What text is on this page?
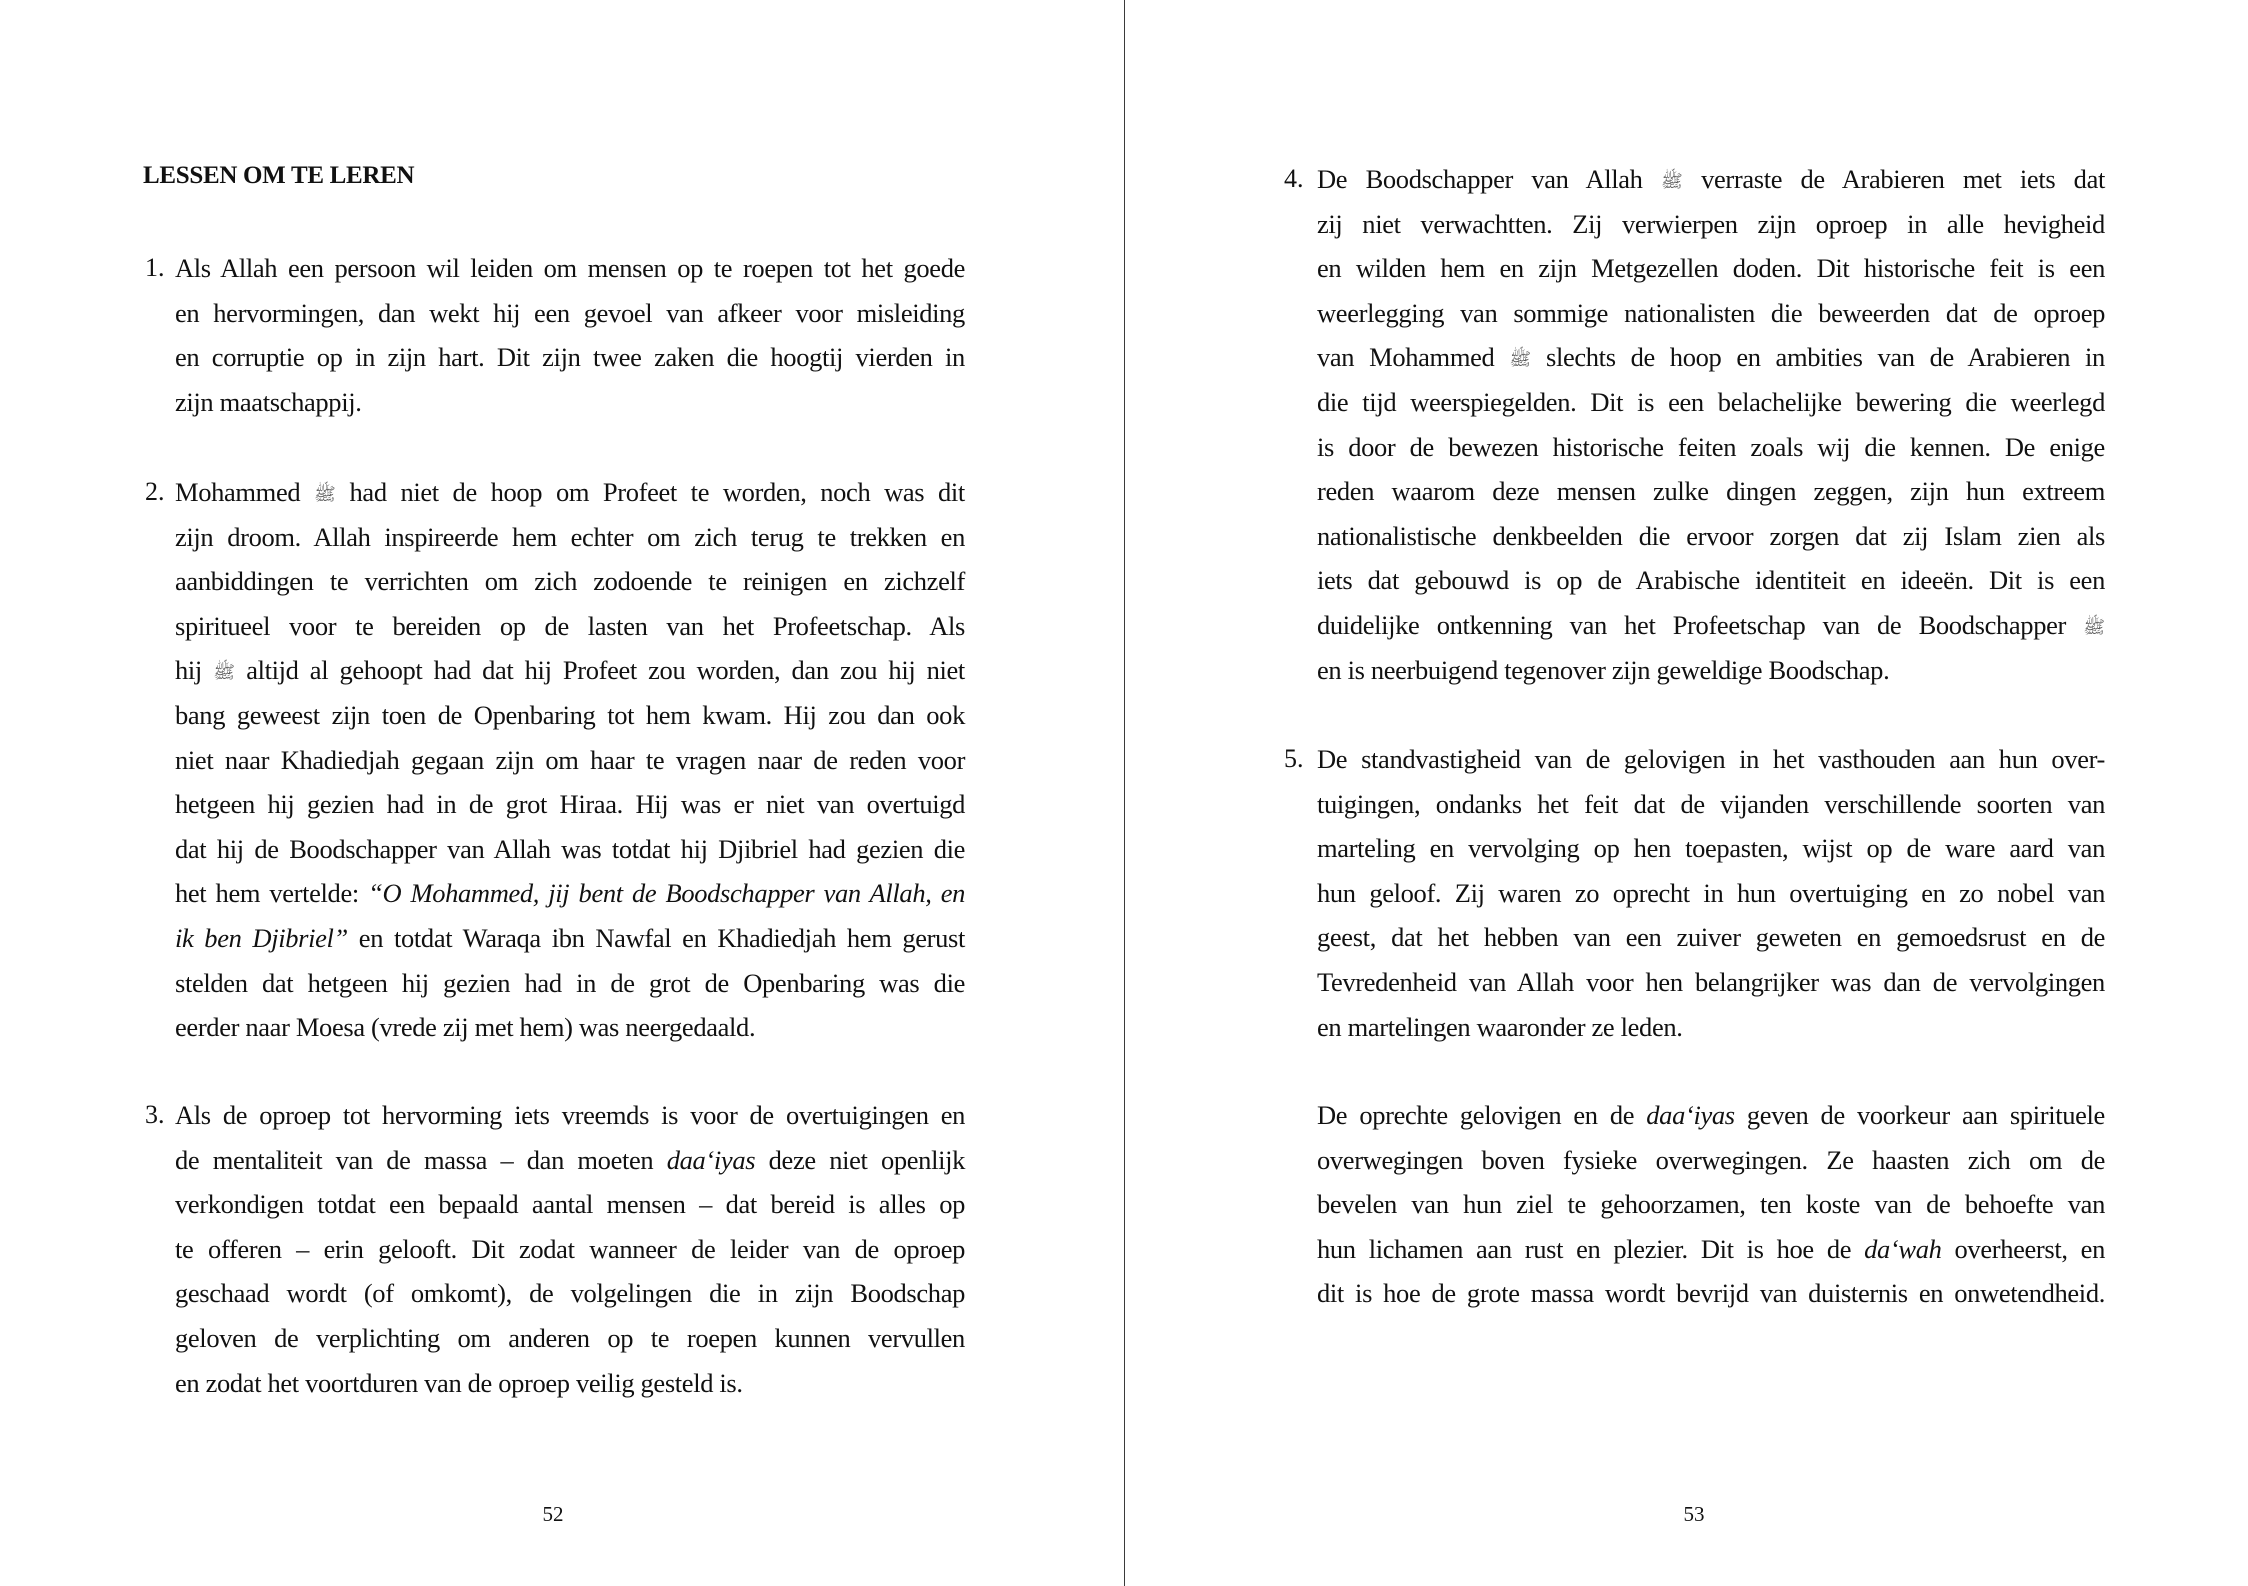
LESSEN OM TE LEREN
1. Als Allah een persoon wil leiden om mensen op te roepen tot het goede
en hervormingen, dan wekt hij een gevoel van afkeer voor misleiding
en corruptie op in zijn hart. Dit zijn twee zaken die hoogtij vierden in
zijn maatschappij.
2. Mohammed ﷺ had niet de hoop om Profeet te worden, noch was dit
zijn droom. Allah inspireerde hem echter om zich terug te trekken en
aanbiddingen te verrichten om zich zodoende te reinigen en zichzelf
spiritueel voor te bereiden op de lasten van het Profeetschap. Als
hij ﷺ altijd al gehoopt had dat hij Profeet zou worden, dan zou hij niet
bang geweest zijn toen de Openbaring tot hem kwam. Hij zou dan ook
niet naar Khadiedjah gegaan zijn om haar te vragen naar de reden voor
hetgeen hij gezien had in de grot Hiraa. Hij was er niet van overtuigd
dat hij de Boodschapper van Allah was totdat hij Djibriel had gezien die
het hem vertelde: “O Mohammed, jij bent de Boodschapper van Allah, en
ik ben Djibriel” en totdat Waraqa ibn Nawfal en Khadiedjah hem gerust
stelden dat hetgeen hij gezien had in de grot de Openbaring was die
eerder naar Moesa (vrede zij met hem) was neergedaald.
3. Als de oproep tot hervorming iets vreemds is voor de overtuigingen en
de mentaliteit van de massa – dan moeten daa‘iyas deze niet openlijk
verkondigen totdat een bepaald aantal mensen – dat bereid is alles op
te offeren – erin gelooft. Dit zodat wanneer de leider van de oproep
geschaad wordt (of omkomt), de volgelingen die in zijn Boodschap
geloven de verplichting om anderen op te roepen kunnen vervullen
en zodat het voortduren van de oproep veilig gesteld is.
52
4. De Boodschapper van Allah ﷺ verraste de Arabieren met iets dat
zij niet verwachtten. Zij verwierpen zijn oproep in alle hevigheid
en wilden hem en zijn Metgezellen doden. Dit historische feit is een
weerlegging van sommige nationalisten die beweerden dat de oproep
van Mohammed ﷺ slechts de hoop en ambities van de Arabieren in
die tijd weerspiegelden. Dit is een belachelijke bewering die weerlegd
is door de bewezen historische feiten zoals wij die kennen. De enige
reden waarom deze mensen zulke dingen zeggen, zijn hun extreem
nationalistische denkbeelden die ervoor zorgen dat zij Islam zien als
iets dat gebouwd is op de Arabische identiteit en ideeën. Dit is een
duidelijke ontkenning van het Profeetschap van de Boodschapper ﷺ
en is neerbuigend tegenover zijn geweldige Boodschap.
5. De standvastigheid van de gelovigen in het vasthouden aan hun over-
tuigingen, ondanks het feit dat de vijanden verschillende soorten van
marteling en vervolging op hen toepasten, wijst op de ware aard van
hun geloof. Zij waren zo oprecht in hun overtuiging en zo nobel van
geest, dat het hebben van een zuiver geweten en gemoedsrust en de
Tevredenheid van Allah voor hen belangrijker was dan de vervolgingen
en martelingen waaronder ze leden.
De oprechte gelovigen en de daa‘iyas geven de voorkeur aan spirituele
overwegingen boven fysieke overwegingen. Ze haasten zich om de
bevelen van hun ziel te gehoorzamen, ten koste van de behoefte van
hun lichamen aan rust en plezier. Dit is hoe de da‘wah overheerst, en
dit is hoe de grote massa wordt bevrijd van duisternis en onwetendheid.
53
